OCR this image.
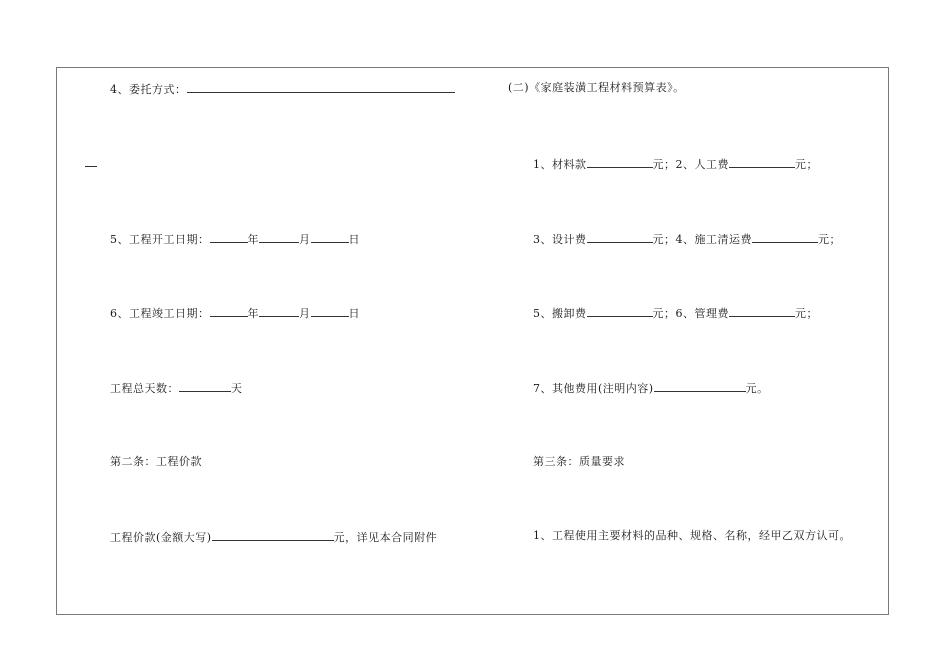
4、委托方式：
5、工程开工日期：	年	月	日
6、工程竣工日期：	年	月	日
工程总天数：	天
第二条：工程价款
工程价款(金额大写)	元，详见本合同附件
(二)《家庭装潢工程材料预算表》。
1、材料款	元；2、人工费	元；
3、设计费	元；4、施工清运费	元；
5、搬卸费	元；6、管理费	元；
7、其他费用(注明内容)	元。
第三条：质量要求
1、工程使用主要材料的品种、规格、名称，经甲乙双方认可。
